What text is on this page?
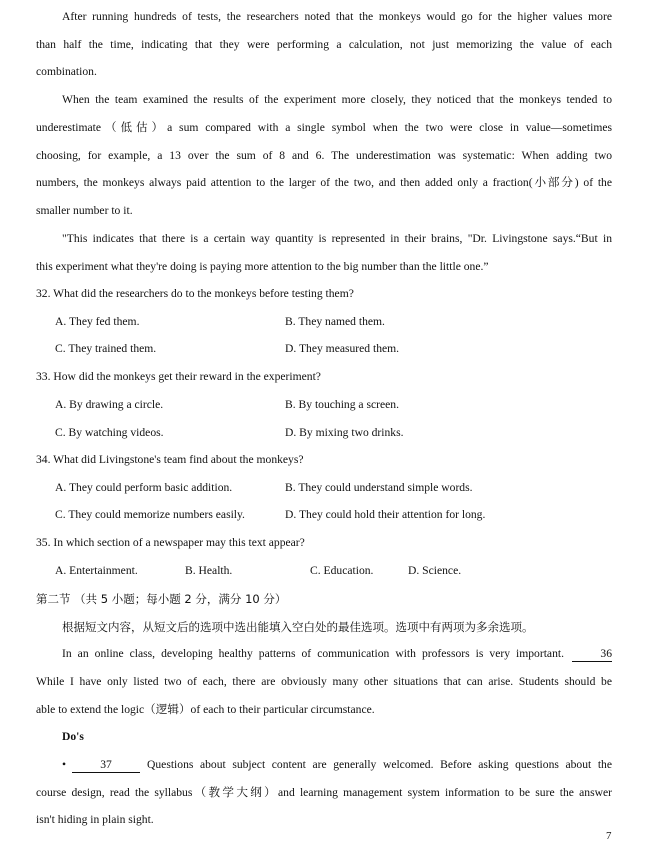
After running hundreds of tests, the researchers noted that the monkeys would go for the higher values more
than half the time, indicating that they were performing a calculation, not just memorizing the value of each
combination.
When the team examined the results of the experiment more closely, they noticed that the monkeys tended to
underestimate（低估）a sum compared with a single symbol when the two were close in value—sometimes
choosing, for example, a 13 over the sum of 8 and 6. The underestimation was systematic: When adding two
numbers, the monkeys always paid attention to the larger of the two, and then added only a fraction(小部分) of the
smaller number to it.
"This indicates that there is a certain way quantity is represented in their brains, "Dr. Livingstone says.“But in
this experiment what they're doing is paying more attention to the big number than the little one.”
32. What did the researchers do to the monkeys before testing them?
A. They fed them.	B. They named them.
C. They trained them.	D. They measured them.
33. How did the monkeys get their reward in the experiment?
A. By drawing a circle.	B. By touching a screen.
C. By watching videos.	D. By mixing two drinks.
34. What did Livingstone's team find about the monkeys?
A. They could perform basic addition.	B. They could understand simple words.
C. They could memorize numbers easily.	D. They could hold their attention for long.
35. In which section of a newspaper may this text appear?
A. Entertainment.	B. Health.	C. Education.	D. Science.
第二节 （共 5 小题；每小题 2 分，满分 10 分）
根据短文内容，从短文后的选项中选出能填入空白处的最佳选项。选项中有两项为多余选项。
In an online class, developing healthy patterns of communication with professors is very important.	36
While I have only listed two of each, there are obviously many other situations that can arise. Students should be
able to extend the logic（逻辑）of each to their particular circumstance.
Do's
•	37	Questions about subject content are generally welcomed. Before asking questions about the
course design, read the syllabus（教学大纲）and learning management system information to be sure the answer
isn't hiding in plain sight.
7
